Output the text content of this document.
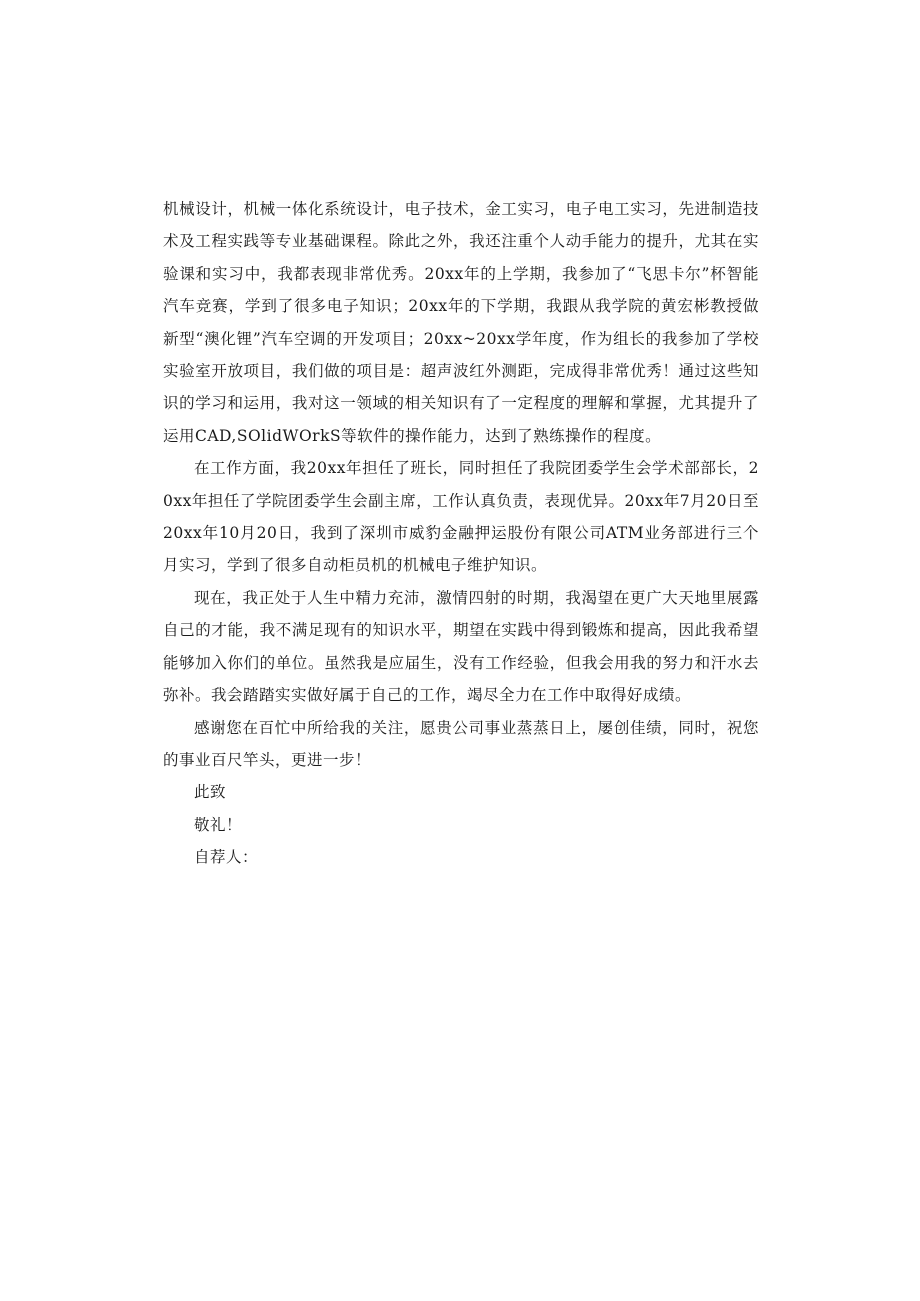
机械设计，机械一体化系统设计，电子技术，金工实习，电子电工实习，先进制造技术及工程实践等专业基础课程。除此之外，我还注重个人动手能力的提升，尤其在实验课和实习中，我都表现非常优秀。20xx年的上学期，我参加了“飞思卡尔”杯智能汽车竞赛，学到了很多电子知识；20xx年的下学期，我跟从我学院的黄宏彬教授做新型“澳化锂”汽车空调的开发项目；20xx~20xx学年度，作为组长的我参加了学校实验室开放项目，我们做的项目是：超声波红外测距，完成得非常优秀！通过这些知识的学习和运用，我对这一领域的相关知识有了一定程度的理解和掌握，尤其提升了运用CAD,SOlidWOrkS等软件的操作能力，达到了熟练操作的程度。

在工作方面，我20xx年担任了班长，同时担任了我院团委学生会学术部部长，20xx年担任了学院团委学生会副主席，工作认真负责，表现优异。20xx年7月20日至20xx年10月20日，我到了深圳市威豹金融押运股份有限公司ATM业务部进行三个月实习，学到了很多自动柜员机的机械电子维护知识。

现在，我正处于人生中精力充沛，激情四射的时期，我渴望在更广大天地里展露自己的才能，我不满足现有的知识水平，期望在实践中得到锻炼和提高，因此我希望能够加入你们的单位。虽然我是应届生，没有工作经验，但我会用我的努力和汗水去弥补。我会踏踏实实做好属于自己的工作，竭尽全力在工作中取得好成绩。

感谢您在百忙中所给我的关注，愿贵公司事业蒸蒸日上，屡创佳绩，同时，祝您的事业百尺竿头，更进一步！

此致

敬礼！

自荐人：
